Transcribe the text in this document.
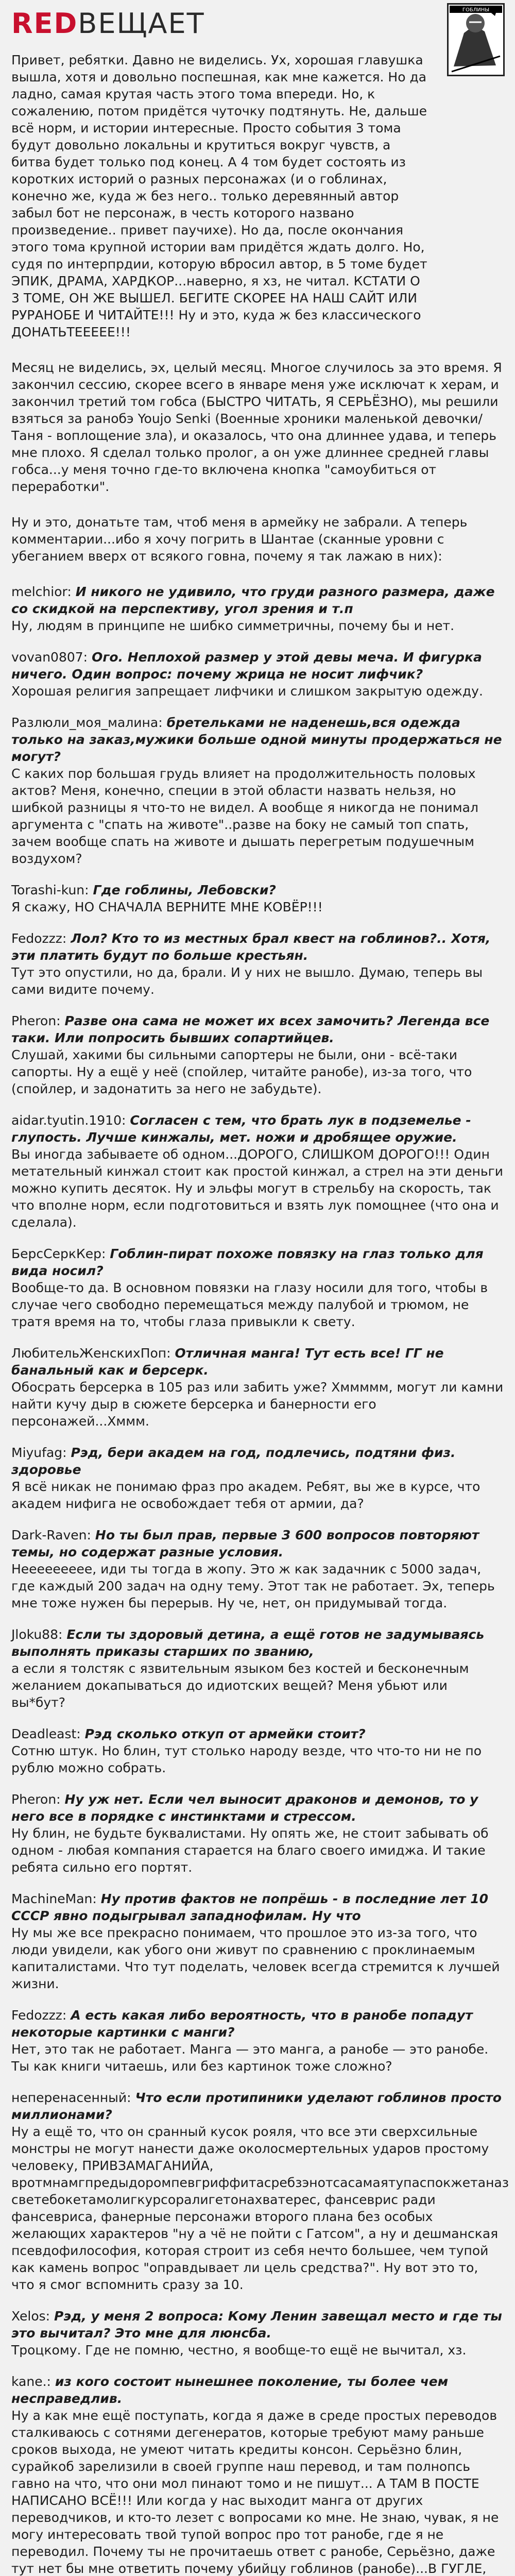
REDВЕЩАЕТ	ГОБЛИНЫ

Привет, ребятки. Давно не виделись. Ух, хорошая главушка вышла, хотя и довольно поспешная, как мне кажется. Но да ладно, самая крутая часть этого тома впереди. Но, к сожалению, потом придётся чуточку подтянуть. Не, дальше всё норм, и истории интересные. Просто события 3 тома будут довольно локальны и крутиться вокруг чувств, а битва будет только под конец. А 4 том будет состоять из коротких историй о разных персонажах (и о гоблинах, конечно же, куда ж без него.. только деревянный автор забыл бот не персонаж, в честь которого названо произведение.. привет паучихе). Но да, после окончания этого тома крупной истории вам придётся ждать долго. Но, судя по интерпрдии, которую вбросил автор, в 5 томе будет ЭПИК, ДРАМА, ХАРДКОР...наверно, я хз, не читал. КСТАТИ О 3 ТОМЕ, ОН ЖЕ ВЫШЕЛ. БЕГИТЕ СКОРЕЕ НА НАШ САЙТ ИЛИ РУРАНОБЕ И ЧИТАЙТЕ!!! Ну и это, куда ж без классического ДОНАТЬТЕЕЕЕЕ!!!

Месяц не виделись, эх, целый месяц. Многое случилось за это время. Я закончил сессию, скорее всего в январе меня уже исключат к херам, и закончил третий том гобса (БЫСТРО ЧИТАТЬ, Я СЕРЬЁЗНО), мы решили взяться за ранобэ Youjo Senki (Военные хроники маленькой девочки/ Таня - воплощение зла), и оказалось, что она длиннее удава, и теперь мне плохо. Я сделал только пролог, а он уже длиннее средней главы гобса...у меня точно где-то включена кнопка "самоубиться от переработки".

Ну и это, донатьте там, чтоб меня в армейку не забрали. А теперь комментарии...ибо я хочу погрить в Шантае (сканные уровни с убеганием вверх от всякого говна, почему я так лажаю в них):

melchior: И никого не удивило, что груди разного размера, даже со скидкой на перспективу, угол зрения и т.п
Ну, людям в принципе не шибко симметричны, почему бы и нет.

vovan0807: Ого. Неплохой размер у этой девы меча. И фигурка ничего. Один вопрос: почему жрица не носит лифчик?
Хорошая религия запрещает лифчики и слишком закрытую одежду.

Разлюли_моя_малина: бретельками не наденешь,вся одежда только на заказ,мужики больше одной минуты продержаться не могут?
С каких пор большая грудь влияет на продолжительность половых актов? Меня, конечно, специи в этой области назвать нельзя, но шибкой разницы я что-то не видел. А вообще я никогда не понимал аргумента с "спать на животе"..разве на боку не самый топ спать, зачем вообще спать на животе и дышать перегретым подушечным воздухом?

Torashi-kun: Где гоблины, Лебовски?
Я скажу, НО СНАЧАЛА ВЕРНИТЕ МНЕ КОВЁР!!!

Fedozzz: Лол? Кто то из местных брал квест на гоблинов?.. Хотя, эти платить будут по больше крестьян.
Тут это опустили, но да, брали. И у них не вышло. Думаю, теперь вы сами видите почему.

Pheron: Разве она сама не может их всех замочить? Легенда все таки. Или попросить бывших сопартийцев.
Слушай, хакими бы сильными сапортеры не были, они - всё-таки сапорты. Ну а ещё у неё (спойлер, читайте ранобе), из-за того, что (спойлер, и задонатить за него не забудьте).

aidar.tyutin.1910: Согласен с тем, что брать лук в подземелье - глупость. Лучше кинжалы, мет. ножи и дробящее оружие.
Вы иногда забываете об одном...ДОРОГО, СЛИШКОМ ДОРОГО!!! Один метательный кинжал стоит как простой кинжал, а стрел на эти деньги можно купить десяток. Ну и эльфы могут в стрельбу на скорость, так что вполне норм, если подготовиться и взять лук помощнее (что она и сделала).

БерсСеркКер: Гоблин-пират похоже повязку на глаз только для вида носил?
Вообще-то да. В основном повязки на глазу носили для того, чтобы в случае чего свободно перемещаться между палубой и трюмом, не тратя время на то, чтобы глаза привыкли к свету.

ЛюбительЖенскихПоп: Отличная манга! Тут есть все! ГГ не банальный как и берсерк.
Обосрать берсерка в 105 раз или забить уже? Хммммм, могут ли камни найти кучу дыр в сюжете берсерка и банерности его персонажей...Хммм.

Miyufag: Рэд, бери академ на год, подлечись, подтяни физ. здоровье
Я всё никак не понимаю фраз про академ. Ребят, вы же в курсе, что академ нифига не освобождает тебя от армии, да?

Dark-Raven: Но ты был прав, первые 3 600 вопросов повторяют темы, но содержат разные условия.
Неееееееее, иди ты тогда в жопу. Это ж как задачник с 5000 задач, где каждый 200 задач на одну тему. Этот так не работает. Эх, теперь мне тоже нужен бы перерыв. Ну че, нет, он придумывай тогда.

Jloku88: Если ты здоровый детина, а ещё готов не задумываясь выполнять приказы старших по званию,
а если я толстяк с язвительным языком без костей и бесконечным желанием докапываться до идиотских вещей? Меня убьют или вы*бут?

Deadleast: Рэд сколько откуп от армейки стоит?
Сотню штук. Но блин, тут столько народу везде, что что-то ни не по рублю можно собрать.

Pheron: Ну уж нет. Если чел выносит драконов и демонов, то у него все в порядке с инстинктами и стрессом.
Ну блин, не будьте буквалистами. Ну опять же, не стоит забывать об одном - любая компания старается на благо своего имиджа. И такие ребята сильно его портят.

MachineMan: Ну против фактов не попрёшь - в последние лет 10 СССР явно подыгрывал западнофилам. Ну что
Ну мы же все прекрасно понимаем, что прошлое это из-за того, что люди увидели, как убого они живут по сравнению с проклинаемым капиталистами. Что тут поделать, человек всегда стремится к лучшей жизни.

Fedozzz: А есть какая либо вероятность, что в ранобе попадут некоторые картинки с манги?
Нет, это так не работает. Манга — это манга, а ранобе — это ранобе. Ты как книги читаешь, или без картинок тоже сложно?

неперенасенный: Что если протипиники уделают гоблинов просто миллионами?
Ну а ещё то, что он сранный кусок рояля, что все эти сверхсильные монстры не могут нанести даже околосмертельных ударов простому человеку, ПРИВЗАМАГАНИЙА, вротмнамгпредыдоромпевгриффитасребзэнотсасамаятупаспокжетаназ светебокетамолигкурсоралигетонахватерес, фансеврис ради фансевриса, фанерные персонажи второго плана без особых желающих характеров "ну а чё не пойти с Гатсом", а ну и дешманская псевдофилософия, которая строит из себя нечто большее, чем тупой как камень вопрос "оправдывает ли цель средства?". Ну вот это то, что я смог вспомнить сразу за 10.

Xelos: Рэд, у меня 2 вопроса: Кому Ленин завещал место и где ты это вычитал? Это мне для люнсба.
Троцкому. Где не помню, честно, я вообще-то ещё не вычитал, хз.

kane.: из кого состоит нынешнее поколение, ты более чем несправедлив.
Ну а как мне ещё поступать, когда я даже в среде простых переводов сталкиваюсь с сотнями дегенератов, которые требуют маму раньше сроков выхода, не умеют читать кредиты консон. Серьёзно блин, сурайкоб зарелизили в своей группе наш перевод, и там полнопсь гавно на что, что они мол пинают томо и не пишут... А ТАМ В ПОСТЕ НАПИСАНО ВСЁ!!! Или когда у нас выходит манга от других переводчиков, и кто-то лезет с вопросами ко мне. Не знаю, чувак, я не могу интересовать твой тупой вопрос про тот ранобе, где я не переводил. Почему ты не прочитаешь ответ с ранобе, Серьёзно, даже тут нет бы мне ответить почему убийцу гоблинов (ранобе)...В ГУГЛЕ,
